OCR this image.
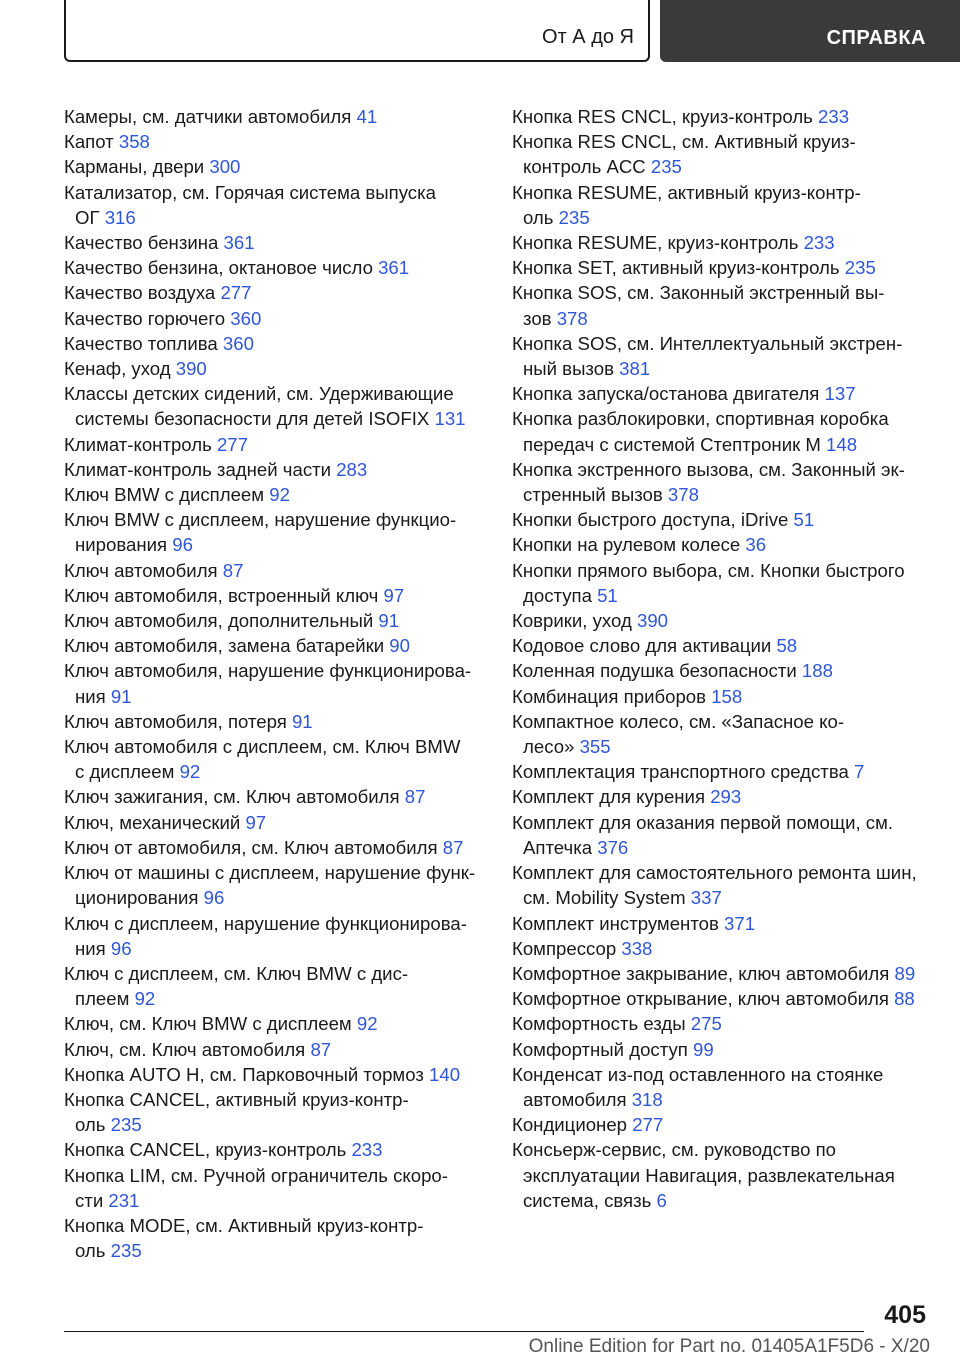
От А до Я	СПРАВКА
Камеры, см. датчики автомобиля 41
Капот 358
Карманы, двери 300
Катализатор, см. Горячая система выпуска
ОГ 316
Качество бензина 361
Качество бензина, октановое число 361
Качество воздуха 277
Качество горючего 360
Качество топлива 360
Кенаф, уход 390
Классы детских сидений, см. Удерживающие
системы безопасности для детей ISOFIX 131
Климат-контроль 277
Климат-контроль задней части 283
Ключ BMW с дисплеем 92
Ключ BMW с дисплеем, нарушение функцио-
нирования 96
Ключ автомобиля 87
Ключ автомобиля, встроенный ключ 97
Ключ автомобиля, дополнительный 91
Ключ автомобиля, замена батарейки 90
Ключ автомобиля, нарушение функционирова-
ния 91
Ключ автомобиля, потеря 91
Ключ автомобиля с дисплеем, см. Ключ BMW
с дисплеем 92
Ключ зажигания, см. Ключ автомобиля 87
Ключ, механический 97
Ключ от автомобиля, см. Ключ автомобиля 87
Ключ от машины с дисплеем, нарушение функ-
ционирования 96
Ключ с дисплеем, нарушение функционирова-
ния 96
Ключ с дисплеем, см. Ключ BMW с дис-
плеем 92
Ключ, см. Ключ BMW с дисплеем 92
Ключ, см. Ключ автомобиля 87
Кнопка AUTO H, см. Парковочный тормоз 140
Кнопка CANCEL, активный круиз-контр-
оль 235
Кнопка CANCEL, круиз-контроль 233
Кнопка LIM, см. Ручной ограничитель скоро-
сти 231
Кнопка MODE, см. Активный круиз-контр-
оль 235
Кнопка RES CNCL, круиз-контроль 233
Кнопка RES CNCL, см. Активный круиз-
контроль ACC 235
Кнопка RESUME, активный круиз-контр-
оль 235
Кнопка RESUME, круиз-контроль 233
Кнопка SET, активный круиз-контроль 235
Кнопка SOS, см. Законный экстренный вы-
зов 378
Кнопка SOS, см. Интеллектуальный экстрен-
ный вызов 381
Кнопка запуска/останова двигателя 137
Кнопка разблокировки, спортивная коробка
передач с системой Стептроник M 148
Кнопка экстренного вызова, см. Законный эк-
стренный вызов 378
Кнопки быстрого доступа, iDrive 51
Кнопки на рулевом колесе 36
Кнопки прямого выбора, см. Кнопки быстрого
доступа 51
Коврики, уход 390
Кодовое слово для активации 58
Коленная подушка безопасности 188
Комбинация приборов 158
Компактное колесо, см. «Запасное ко-
лесо» 355
Комплектация транспортного средства 7
Комплект для курения 293
Комплект для оказания первой помощи, см.
Аптечка 376
Комплект для самостоятельного ремонта шин,
см. Mobility System 337
Комплект инструментов 371
Компрессор 338
Комфортное закрывание, ключ автомобиля 89
Комфортное открывание, ключ автомобиля 88
Комфортность езды 275
Комфортный доступ 99
Конденсат из-под оставленного на стоянке
автомобиля 318
Кондиционер 277
Консьерж-сервис, см. руководство по
эксплуатации Навигация, развлекательная
система, связь 6
405
Online Edition for Part no. 01405A1F5D6 - X/20
